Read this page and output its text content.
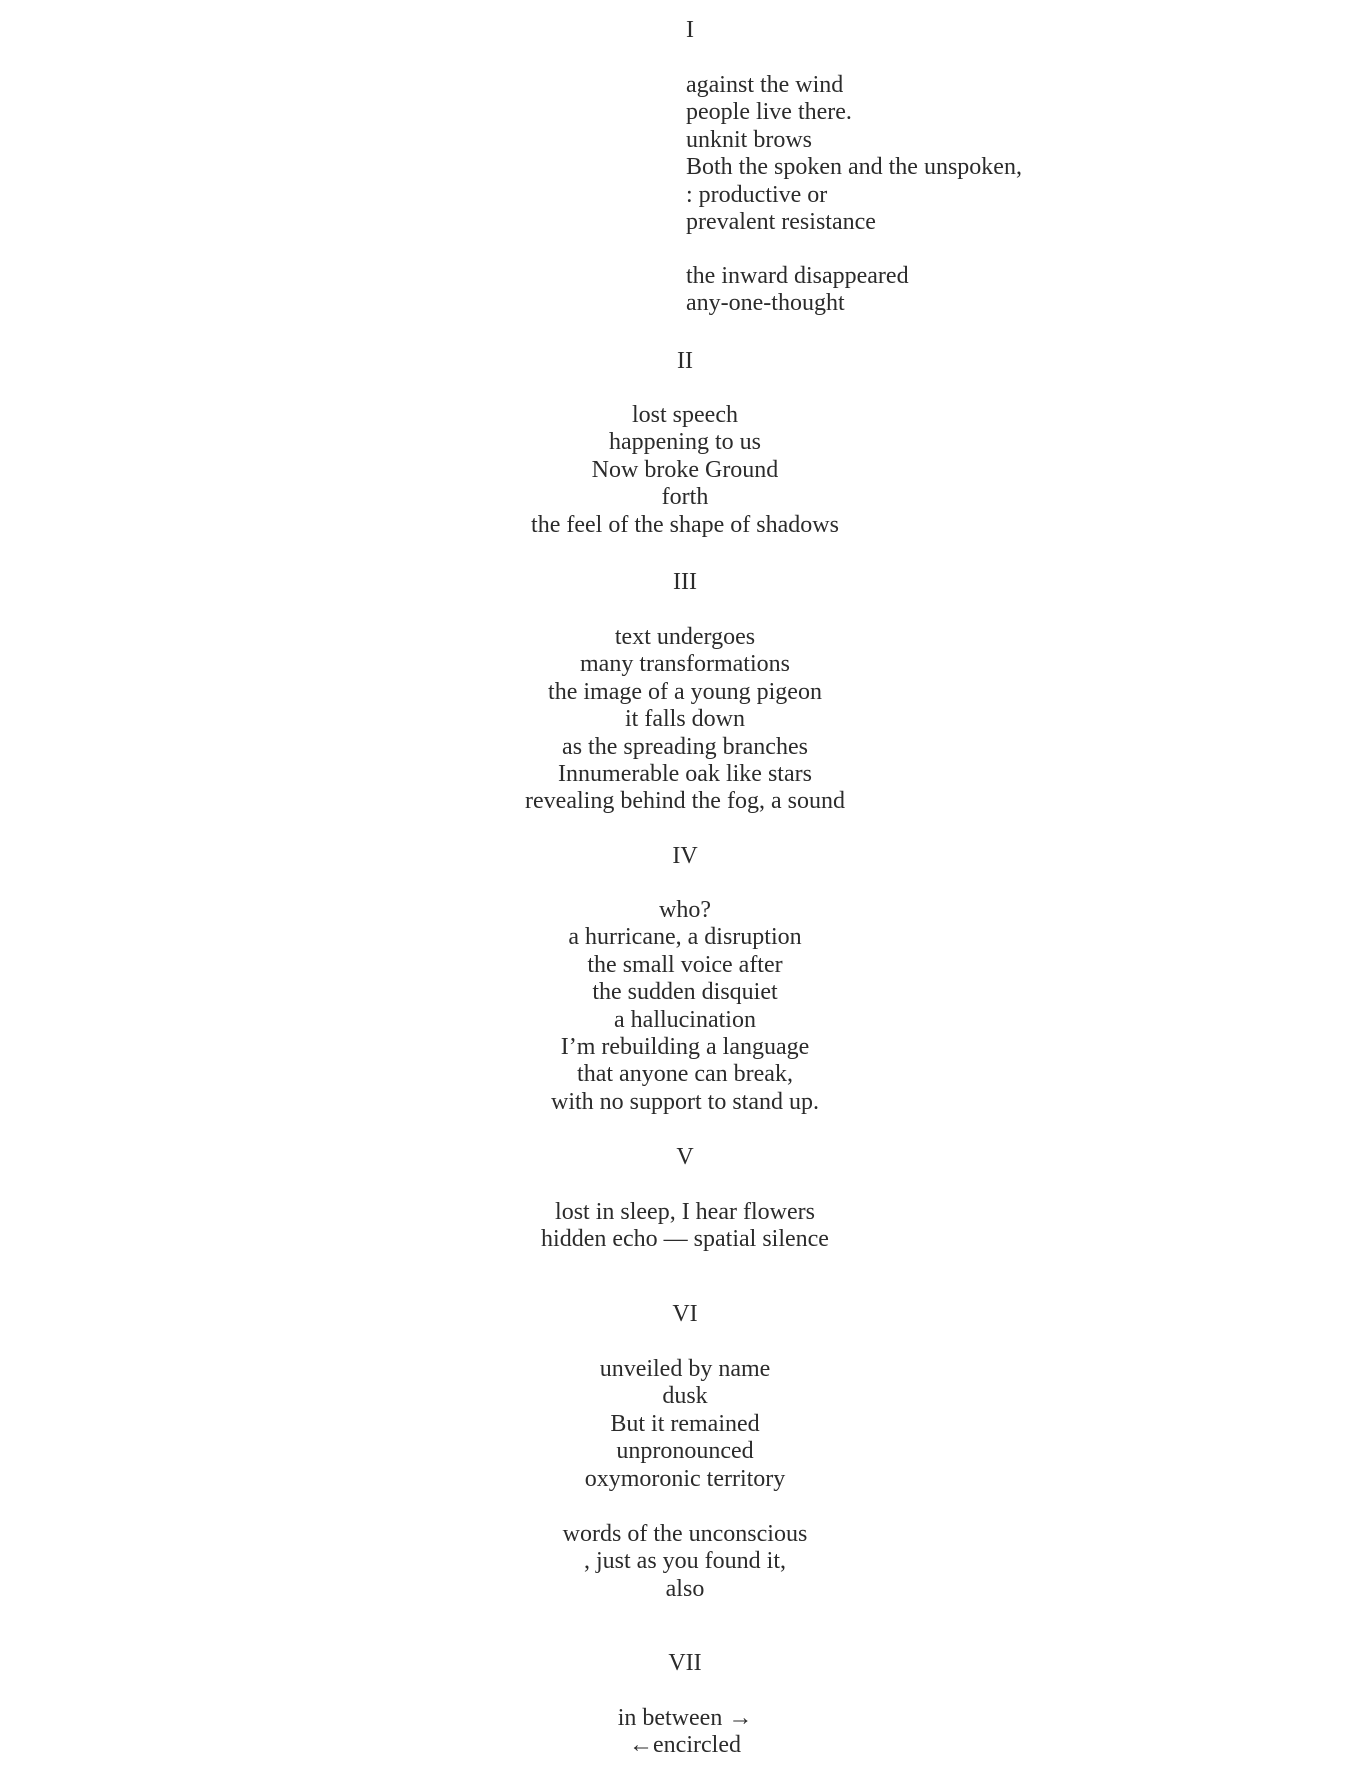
I
against the wind
people live there.
unknit brows
Both the spoken and the unspoken,
: productive or
prevalent resistance
the inward disappeared
any-one-thought
II
lost speech
happening to us
Now broke Ground
forth
the feel of the shape of shadows
III
text undergoes
many transformations
the image of a young pigeon
it falls down
as the spreading branches
Innumerable oak like stars
revealing behind the fog, a sound
IV
who?
a hurricane, a disruption
the small voice after
the sudden disquiet
a hallucination
I’m rebuilding a language
that anyone can break,
with no support to stand up.
V
lost in sleep, I hear flowers
hidden echo — spatial silence
VI
unveiled by name
dusk
But it remained
unpronounced
oxymoronic territory
words of the unconscious
, just as you found it,
also
VII
in between →
←encircled
